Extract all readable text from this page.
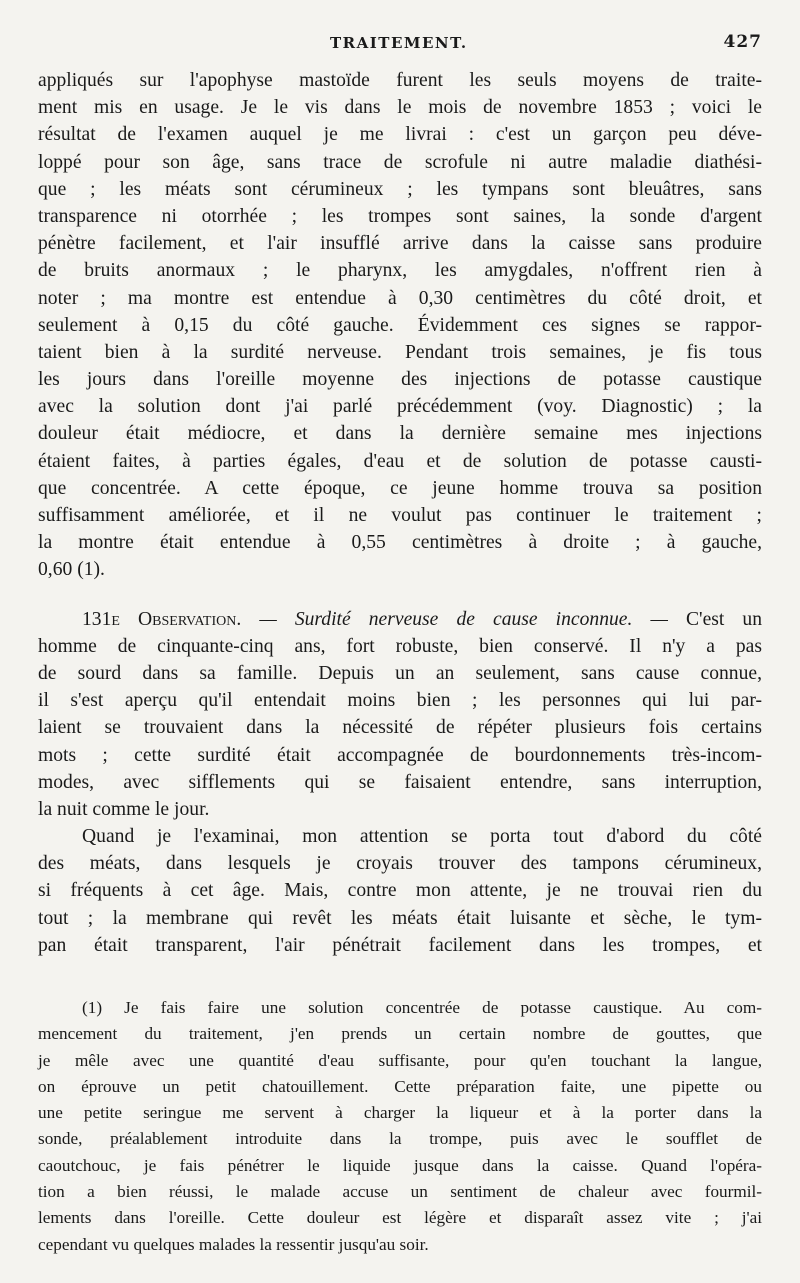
TRAITEMENT.	427
appliqués sur l'apophyse mastoïde furent les seuls moyens de traite-
ment mis en usage. Je le vis dans le mois de novembre 1853 ; voici le
résultat de l'examen auquel je me livrai : c'est un garçon peu déve-
loppé pour son âge, sans trace de scrofule ni autre maladie diathési-
que ; les méats sont cérumineux ; les tympans sont bleuâtres, sans
transparence ni otorrhée ; les trompes sont saines, la sonde d'argent
pénètre facilement, et l'air insufflé arrive dans la caisse sans produire
de bruits anormaux ; le pharynx, les amygdales, n'offrent rien à
noter ; ma montre est entendue à 0,30 centimètres du côté droit, et
seulement à 0,15 du côté gauche. Évidemment ces signes se rappor-
taient bien à la surdité nerveuse. Pendant trois semaines, je fis tous
les jours dans l'oreille moyenne des injections de potasse caustique
avec la solution dont j'ai parlé précédemment (voy. Diagnostic) ; la
douleur était médiocre, et dans la dernière semaine mes injections
étaient faites, à parties égales, d'eau et de solution de potasse causti-
que concentrée. A cette époque, ce jeune homme trouva sa position
suffisamment améliorée, et il ne voulut pas continuer le traitement ;
la montre était entendue à 0,55 centimètres à droite ; à gauche,
0,60 (1).
131e Observation. — Surdité nerveuse de cause inconnue. — C'est un
homme de cinquante-cinq ans, fort robuste, bien conservé. Il n'y a pas
de sourd dans sa famille. Depuis un an seulement, sans cause connue,
il s'est aperçu qu'il entendait moins bien ; les personnes qui lui par-
laient se trouvaient dans la nécessité de répéter plusieurs fois certains
mots ; cette surdité était accompagnée de bourdonnements très-incom-
modes, avec sifflements qui se faisaient entendre, sans interruption,
la nuit comme le jour.
Quand je l'examinai, mon attention se porta tout d'abord du côté
des méats, dans lesquels je croyais trouver des tampons cérumineux,
si fréquents à cet âge. Mais, contre mon attente, je ne trouvai rien du
tout ; la membrane qui revêt les méats était luisante et sèche, le tym-
pan était transparent, l'air pénétrait facilement dans les trompes, et
(1) Je fais faire une solution concentrée de potasse caustique. Au com-
mencement du traitement, j'en prends un certain nombre de gouttes, que
je mêle avec une quantité d'eau suffisante, pour qu'en touchant la langue,
on éprouve un petit chatouillement. Cette préparation faite, une pipette ou
une petite seringue me servent à charger la liqueur et à la porter dans la
sonde, préalablement introduite dans la trompe, puis avec le soufflet de
caoutchouc, je fais pénétrer le liquide jusque dans la caisse. Quand l'opéra-
tion a bien réussi, le malade accuse un sentiment de chaleur avec fourmil-
lements dans l'oreille. Cette douleur est légère et disparaît assez vite ; j'ai
cependant vu quelques malades la ressentir jusqu'au soir.
